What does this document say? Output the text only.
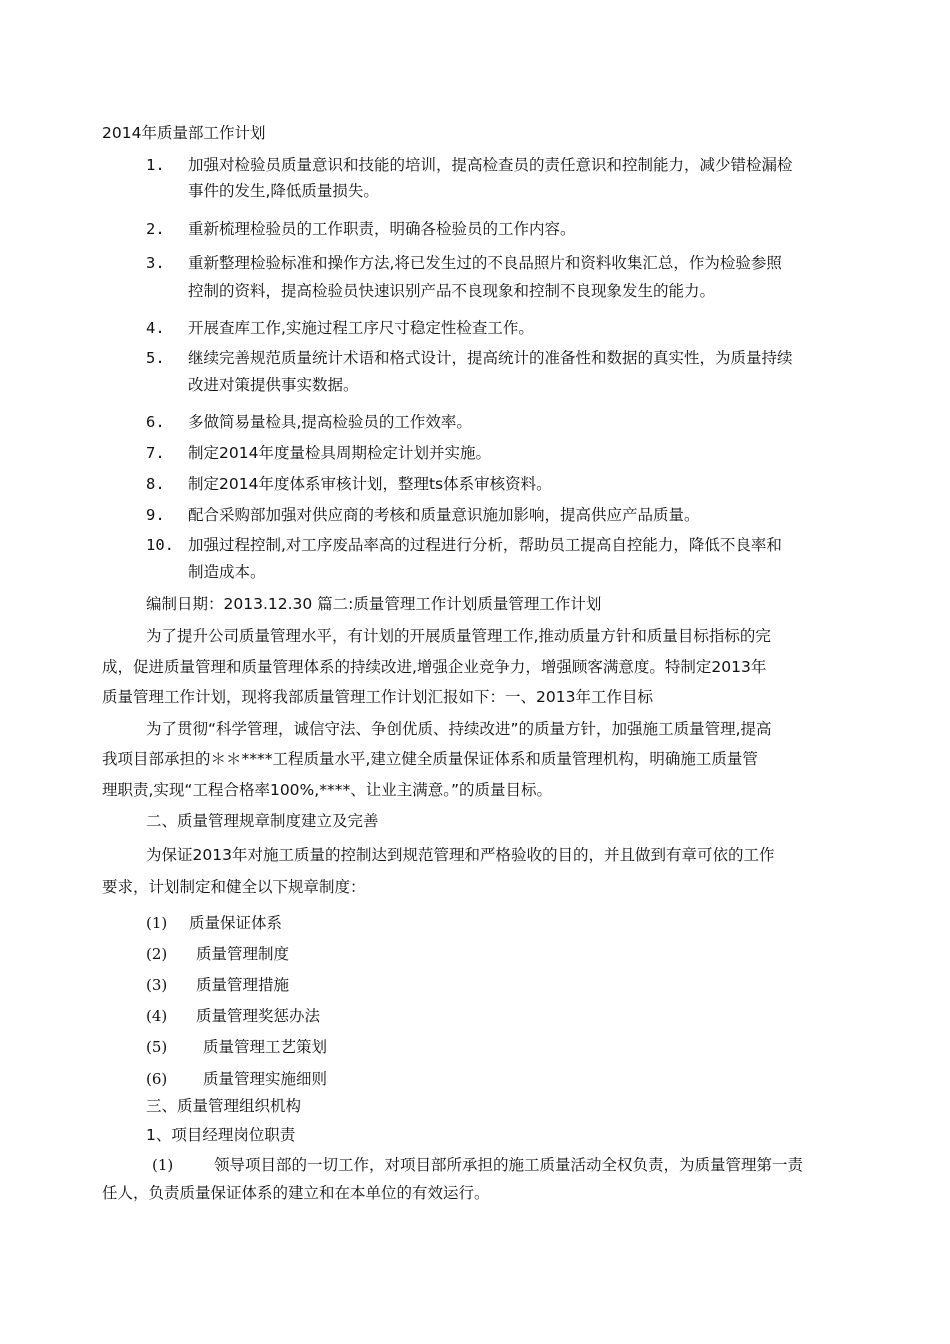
2014年质量部工作计划
1. 加强对检验员质量意识和技能的培训，提高检查员的责任意识和控制能力，减少错检漏检
事件的发生,降低质量损失。
2. 重新梳理检验员的工作职责，明确各检验员的工作内容。
3. 重新整理检验标准和操作方法,将已发生过的不良品照片和资料收集汇总，作为检验参照
控制的资料，提高检验员快速识别产品不良现象和控制不良现象发生的能力。
4. 开展查库工作,实施过程工序尺寸稳定性检查工作。
5. 继续完善规范质量统计术语和格式设计，提高统计的准备性和数据的真实性，为质量持续
改进对策提供事实数据。
6. 多做简易量检具,提高检验员的工作效率。
7. 制定2014年度量检具周期检定计划并实施。
8. 制定2014年度体系审核计划，整理ts体系审核资料。
9. 配合采购部加强对供应商的考核和质量意识施加影响，提高供应产品质量。
10. 加强过程控制,对工序废品率高的过程进行分析，帮助员工提高自控能力，降低不良率和
制造成本。
编制日期：2013.12.30 篇二:质量管理工作计划质量管理工作计划
为了提升公司质量管理水平，有计划的开展质量管理工作,推动质量方针和质量目标指标的完
成，促进质量管理和质量管理体系的持续改进,增强企业竞争力，增强顾客满意度。特制定2013年
质量管理工作计划，现将我部质量管理工作计划汇报如下：一、2013年工作目标
为了贯彻“科学管理，诚信守法、争创优质、持续改进”的质量方针，加强施工质量管理,提高
我项目部承担的＊＊****工程质量水平,建立健全质量保证体系和质量管理机构，明确施工质量管
理职责,实现“工程合格率100%,****、让业主满意。”的质量目标。
二、质量管理规章制度建立及完善
为保证2013年对施工质量的控制达到规范管理和严格验收的目的，并且做到有章可依的工作
要求，计划制定和健全以下规章制度：
(1) 质量保证体系
(2) 质量管理制度
(3) 质量管理措施
(4) 质量管理奖惩办法
(5) 质量管理工艺策划
(6) 质量管理实施细则
三、质量管理组织机构
1、项目经理岗位职责
(1)	领导项目部的一切工作，对项目部所承担的施工质量活动全权负责，为质量管理第一责
任人，负责质量保证体系的建立和在本单位的有效运行。
